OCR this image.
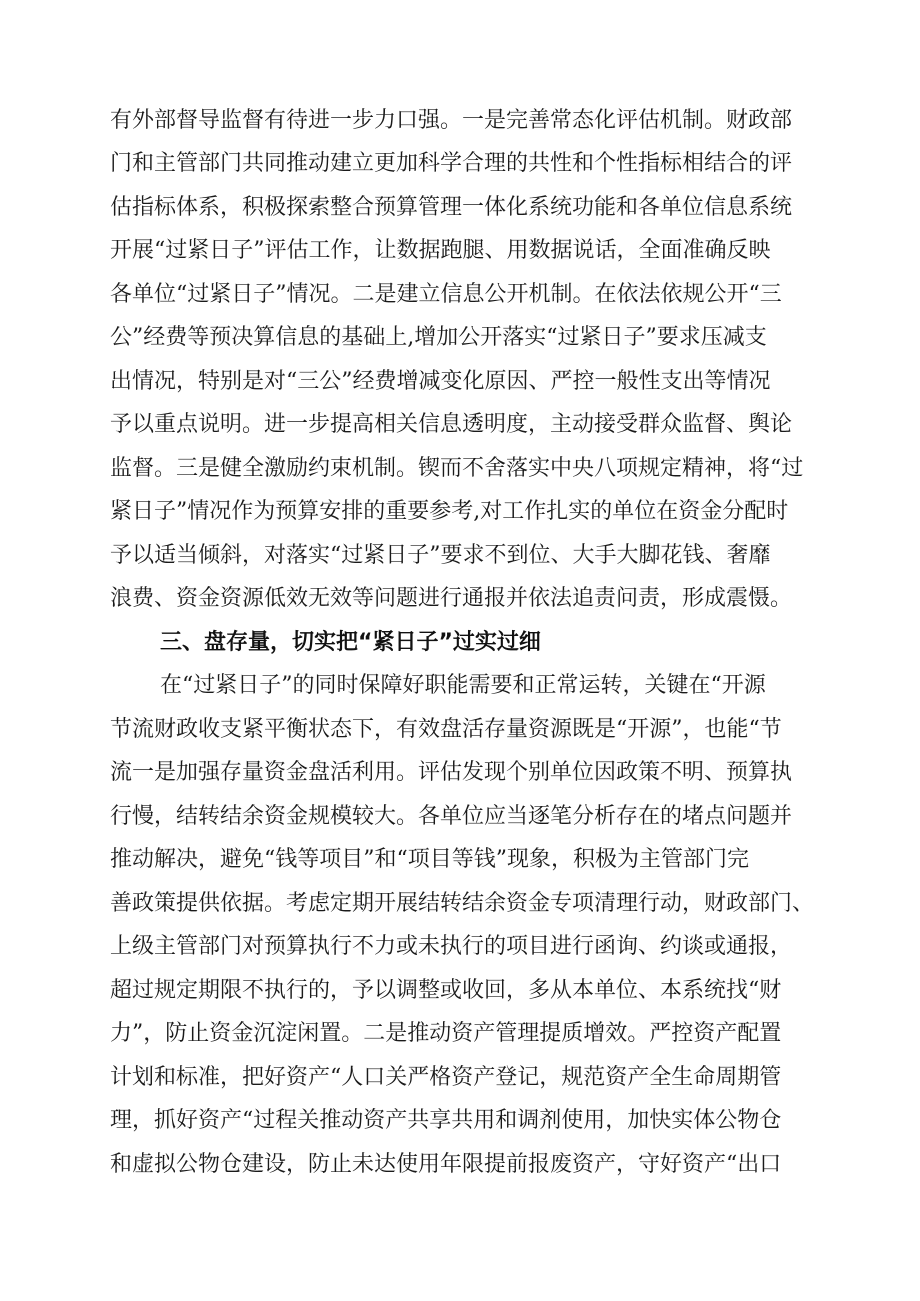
有外部督导监督有待进一步力口强。一是完善常态化评估机制。财政部
门和主管部门共同推动建立更加科学合理的共性和个性指标相结合的评
估指标体系，积极探索整合预算管理一体化系统功能和各单位信息系统
开展“过紧日子”评估工作，让数据跑腿、用数据说话，全面准确反映
各单位“过紧日子”情况。二是建立信息公开机制。在依法依规公开“三
公”经费等预决算信息的基础上,增加公开落实“过紧日子”要求压减支
出情况，特别是对“三公”经费增减变化原因、严控一般性支出等情况
予以重点说明。进一步提高相关信息透明度，主动接受群众监督、舆论
监督。三是健全激励约束机制。锲而不舍落实中央八项规定精神，将“过
紧日子”情况作为预算安排的重要参考,对工作扎实的单位在资金分配时
予以适当倾斜，对落实“过紧日子”要求不到位、大手大脚花钱、奢靡
浪费、资金资源低效无效等问题进行通报并依法追责问责，形成震慑。
三、盘存量，切实把“紧日子”过实过细
在“过紧日子”的同时保障好职能需要和正常运转，关键在“开源
节流财政收支紧平衡状态下，有效盘活存量资源既是“开源”，也能“节
流一是加强存量资金盘活利用。评估发现个别单位因政策不明、预算执
行慢，结转结余资金规模较大。各单位应当逐笔分析存在的堵点问题并
推动解决，避免“钱等项目”和“项目等钱”现象，积极为主管部门完
善政策提供依据。考虑定期开展结转结余资金专项清理行动，财政部门、
上级主管部门对预算执行不力或未执行的项目进行函询、约谈或通报，
超过规定期限不执行的，予以调整或收回，多从本单位、本系统找“财
力”，防止资金沉淀闲置。二是推动资产管理提质增效。严控资产配置
计划和标准，把好资产“人口关严格资产登记，规范资产全生命周期管
理，抓好资产“过程关推动资产共享共用和调剂使用，加快实体公物仓
和虚拟公物仓建设，防止未达使用年限提前报废资产，守好资产“出口
